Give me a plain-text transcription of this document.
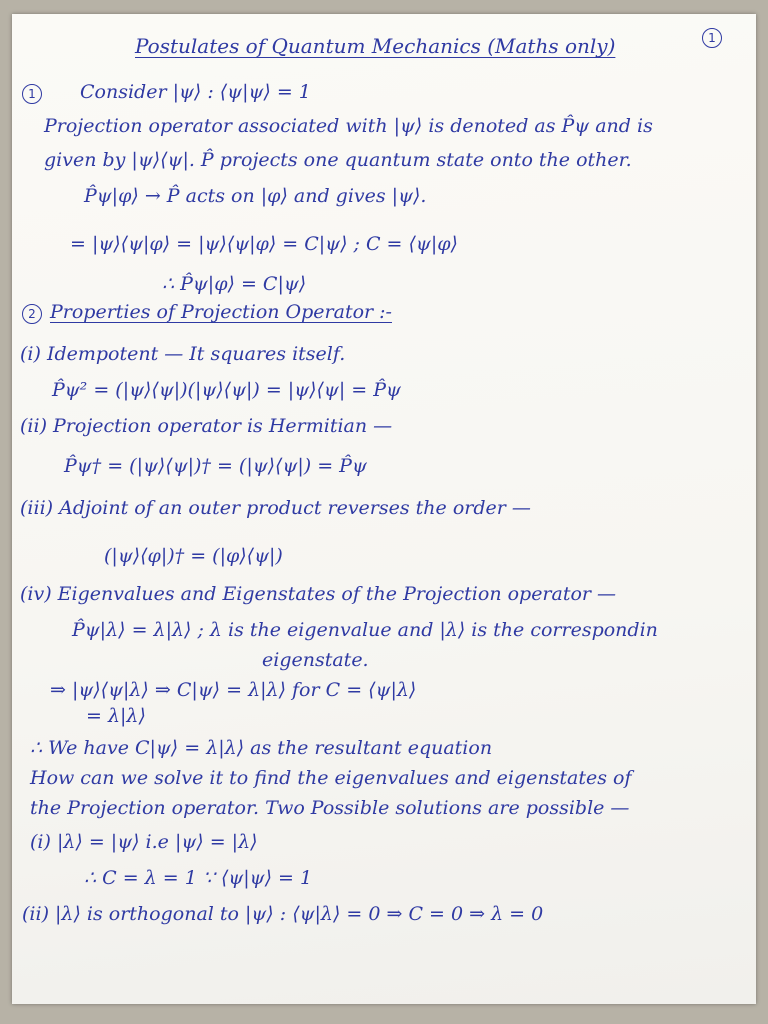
Postulates of Quantum Mechanics (Maths only)	1
1	Consider |ψ⟩ : ⟨ψ|ψ⟩ = 1

Projection operator associated with |ψ⟩ is denoted as P̂ψ and is

given by |ψ⟩⟨ψ|. P̂ projects one quantum state onto the other.

P̂ψ|φ⟩ → P̂ acts on |φ⟩ and gives |ψ⟩.

= |ψ⟩⟨ψ|φ⟩ = |ψ⟩⟨ψ|φ⟩ = C|ψ⟩ ; C = ⟨ψ|φ⟩

∴ P̂ψ|φ⟩ = C|ψ⟩

2 Properties of Projection Operator :-

(i) Idempotent — It squares itself.

P̂ψ² = (|ψ⟩⟨ψ|)(|ψ⟩⟨ψ|) = |ψ⟩⟨ψ| = P̂ψ

(ii) Projection operator is Hermitian —

P̂ψ† = (|ψ⟩⟨ψ|)† = (|ψ⟩⟨ψ|) = P̂ψ

(iii) Adjoint of an outer product reverses the order —

(|ψ⟩⟨φ|)† = (|φ⟩⟨ψ|)

(iv) Eigenvalues and Eigenstates of the Projection operator —

P̂ψ|λ⟩ = λ|λ⟩ ; λ is the eigenvalue and |λ⟩ is the correspondin

eigenstate.

⇒ |ψ⟩⟨ψ|λ⟩ ⇒ C|ψ⟩ = λ|λ⟩ for C = ⟨ψ|λ⟩

= λ|λ⟩

∴ We have C|ψ⟩ = λ|λ⟩ as the resultant equation

How can we solve it to find the eigenvalues and eigenstates of

the Projection operator. Two Possible solutions are possible —

(i) |λ⟩ = |ψ⟩ i.e |ψ⟩ = |λ⟩

∴ C = λ = 1 ∵ ⟨ψ|ψ⟩ = 1

(ii) |λ⟩ is orthogonal to |ψ⟩ : ⟨ψ|λ⟩ = 0 ⇒ C = 0 ⇒ λ = 0
